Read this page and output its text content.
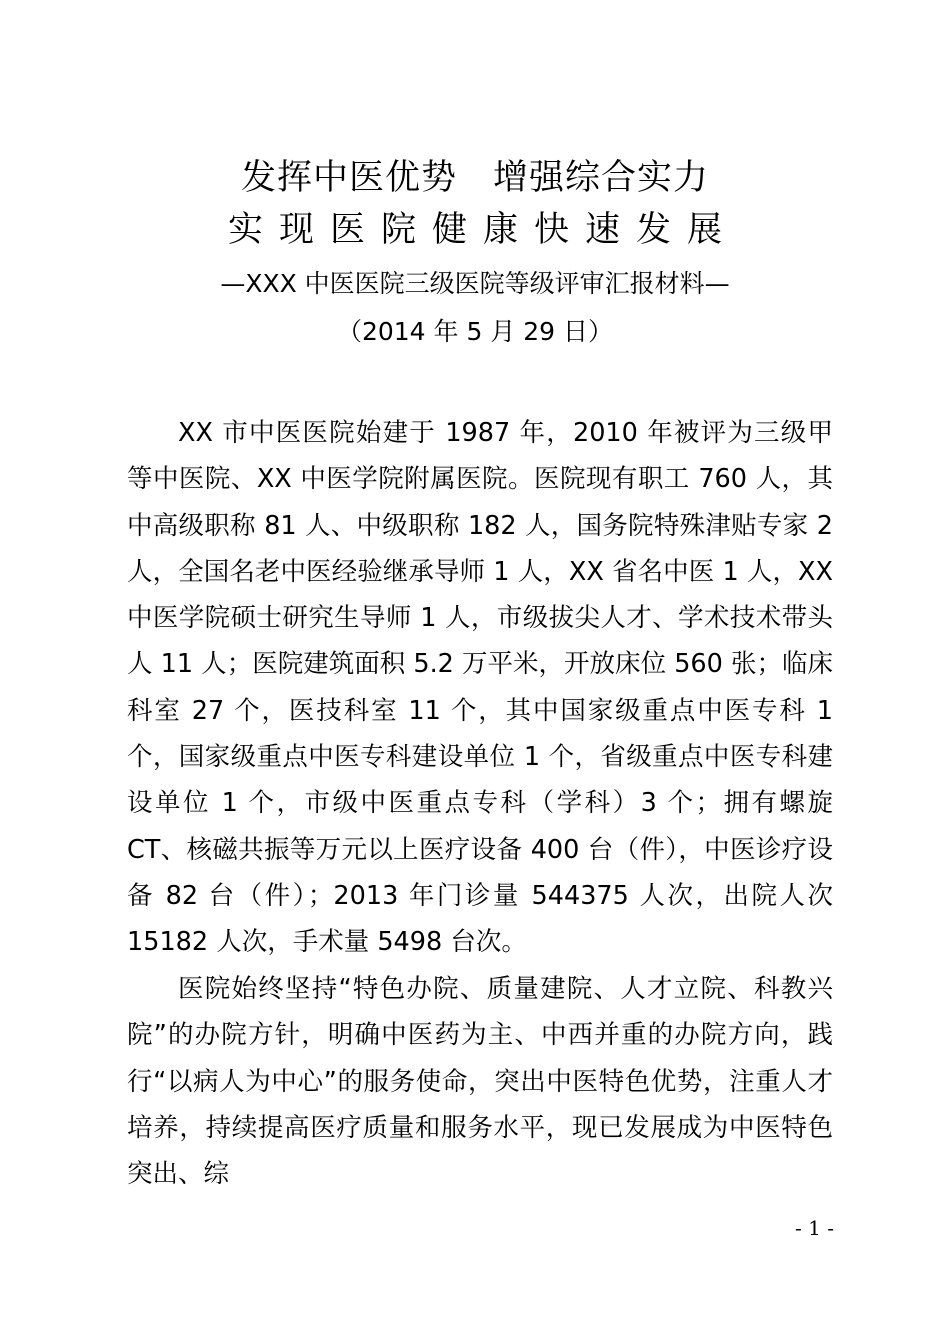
发挥中医优势　增强综合实力
实现医院健康快速发展
—XXX 中医医院三级医院等级评审汇报材料—
（2014 年 5 月 29 日）

XX 市中医医院始建于 1987 年，2010 年被评为三级甲等中医院、XX 中医学院附属医院。医院现有职工 760 人，其中高级职称 81 人、中级职称 182 人，国务院特殊津贴专家 2 人，全国名老中医经验继承导师 1 人，XX 省名中医 1 人，XX 中医学院硕士研究生导师 1 人，市级拔尖人才、学术技术带头人 11 人；医院建筑面积 5.2 万平米，开放床位 560 张；临床科室 27 个，医技科室 11 个，其中国家级重点中医专科 1 个，国家级重点中医专科建设单位 1 个，省级重点中医专科建设单位 1 个，市级中医重点专科（学科）3 个；拥有螺旋 CT、核磁共振等万元以上医疗设备 400 台（件），中医诊疗设备 82 台（件）；2013 年门诊量 544375 人次，出院人次 15182 人次，手术量 5498 台次。

医院始终坚持“特色办院、质量建院、人才立院、科教兴院”的办院方针，明确中医药为主、中西并重的办院方向，践行“以病人为中心”的服务使命，突出中医特色优势，注重人才培养，持续提高医疗质量和服务水平，现已发展成为中医特色突出、综

- 1 -
